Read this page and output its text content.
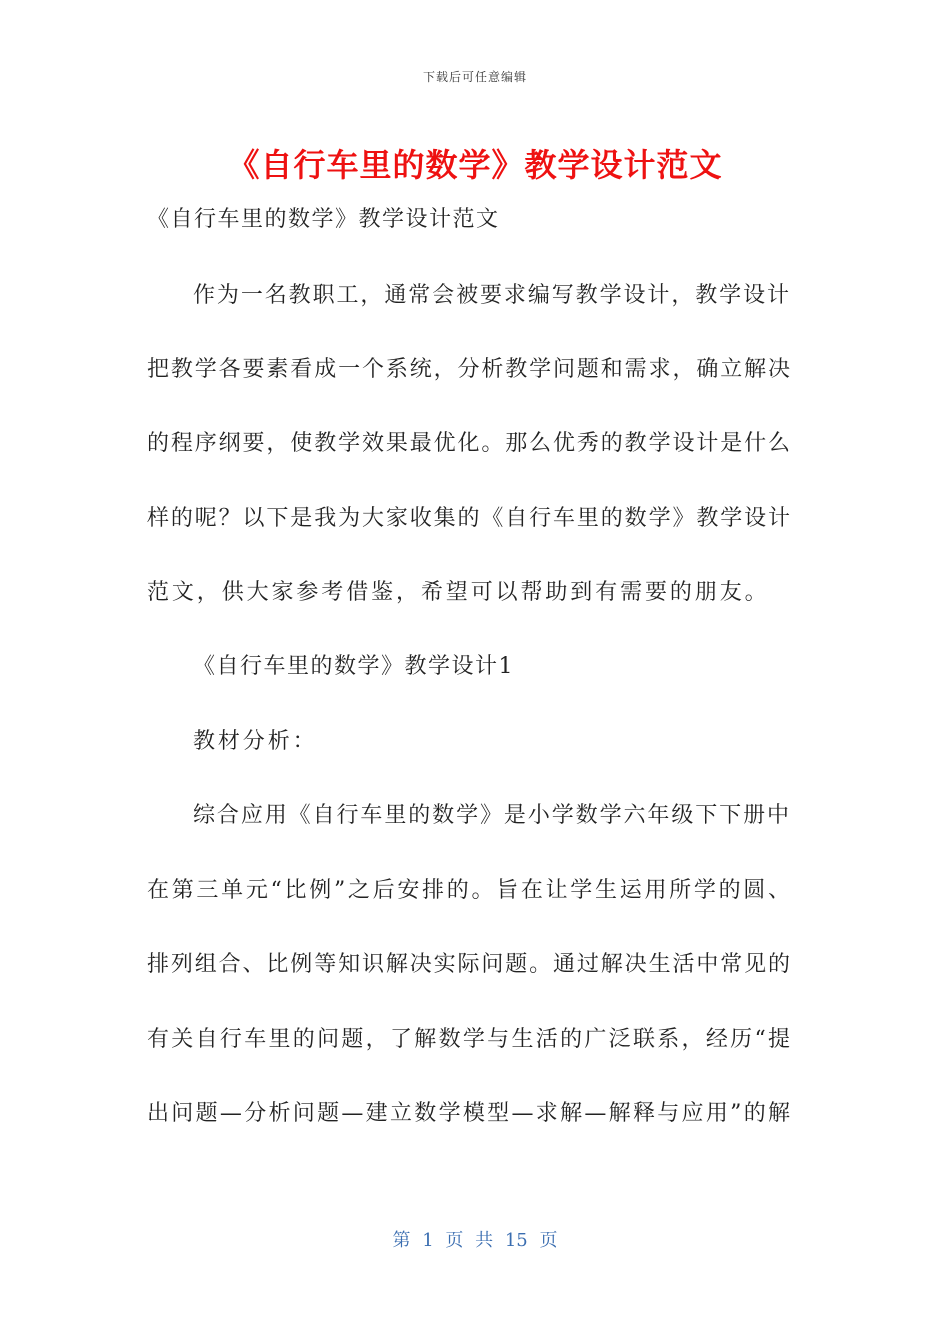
下载后可任意编辑
《自行车里的数学》教学设计范文
《自行车里的数学》教学设计范文
作为一名教职工，通常会被要求编写教学设计，教学设计
把教学各要素看成一个系统，分析教学问题和需求，确立解决
的程序纲要，使教学效果最优化。那么优秀的教学设计是什么
样的呢？以下是我为大家收集的《自行车里的数学》教学设计
范文，供大家参考借鉴，希望可以帮助到有需要的朋友。
《自行车里的数学》教学设计1
教材分析：
综合应用《自行车里的数学》是小学数学六年级下下册中
在第三单元“比例”之后安排的。旨在让学生运用所学的圆、
排列组合、比例等知识解决实际问题。通过解决生活中常见的
有关自行车里的问题，了解数学与生活的广泛联系，经历“提
出问题—分析问题—建立数学模型—求解—解释与应用”的解
第 1 页 共 15 页
